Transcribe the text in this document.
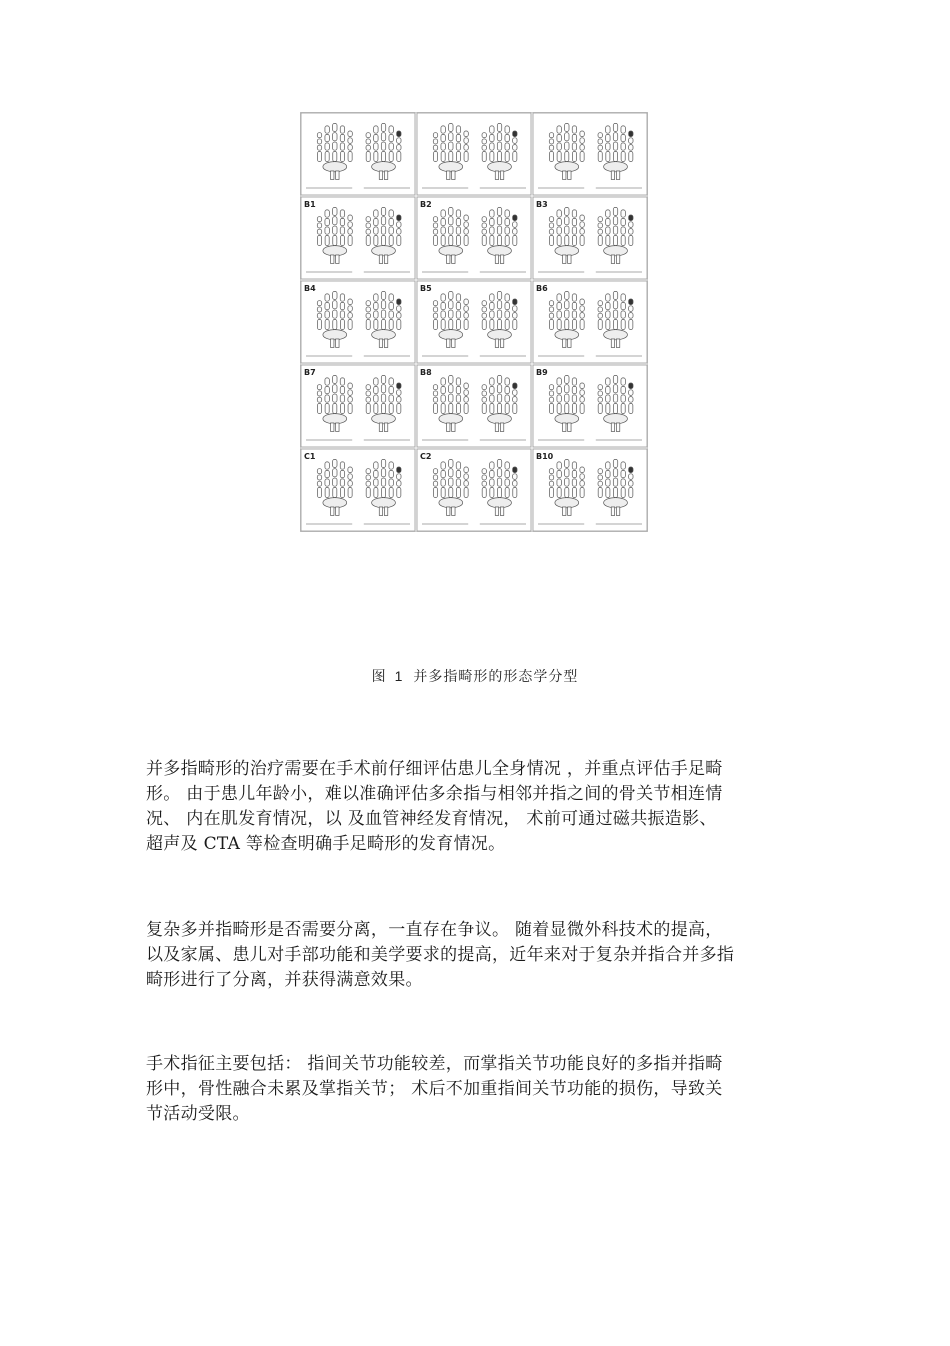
B1	B2	B3
B4	B5	B6
B7	B8	B9
C1	C2	B10
图 1 并多指畸形的形态学分型
并多指畸形的治疗需要在手术前仔细评估患儿全身情况 ，并重点评估手足畸
形。 由于患儿年龄小，难以准确评估多余指与相邻并指之间的骨关节相连情
况、 内在肌发育情况，以 及血管神经发育情况， 术前可通过磁共振造影、
超声及 CTA 等检查明确手足畸形的发育情况。
复杂多并指畸形是否需要分离，一直存在争议。 随着显微外科技术的提高，
以及家属、患儿对手部功能和美学要求的提高，近年来对于复杂并指合并多指
畸形进行了分离，并获得满意效果。
手术指征主要包括： 指间关节功能较差，而掌指关节功能良好的多指并指畸
形中，骨性融合未累及掌指关节； 术后不加重指间关节功能的损伤，导致关
节活动受限。
